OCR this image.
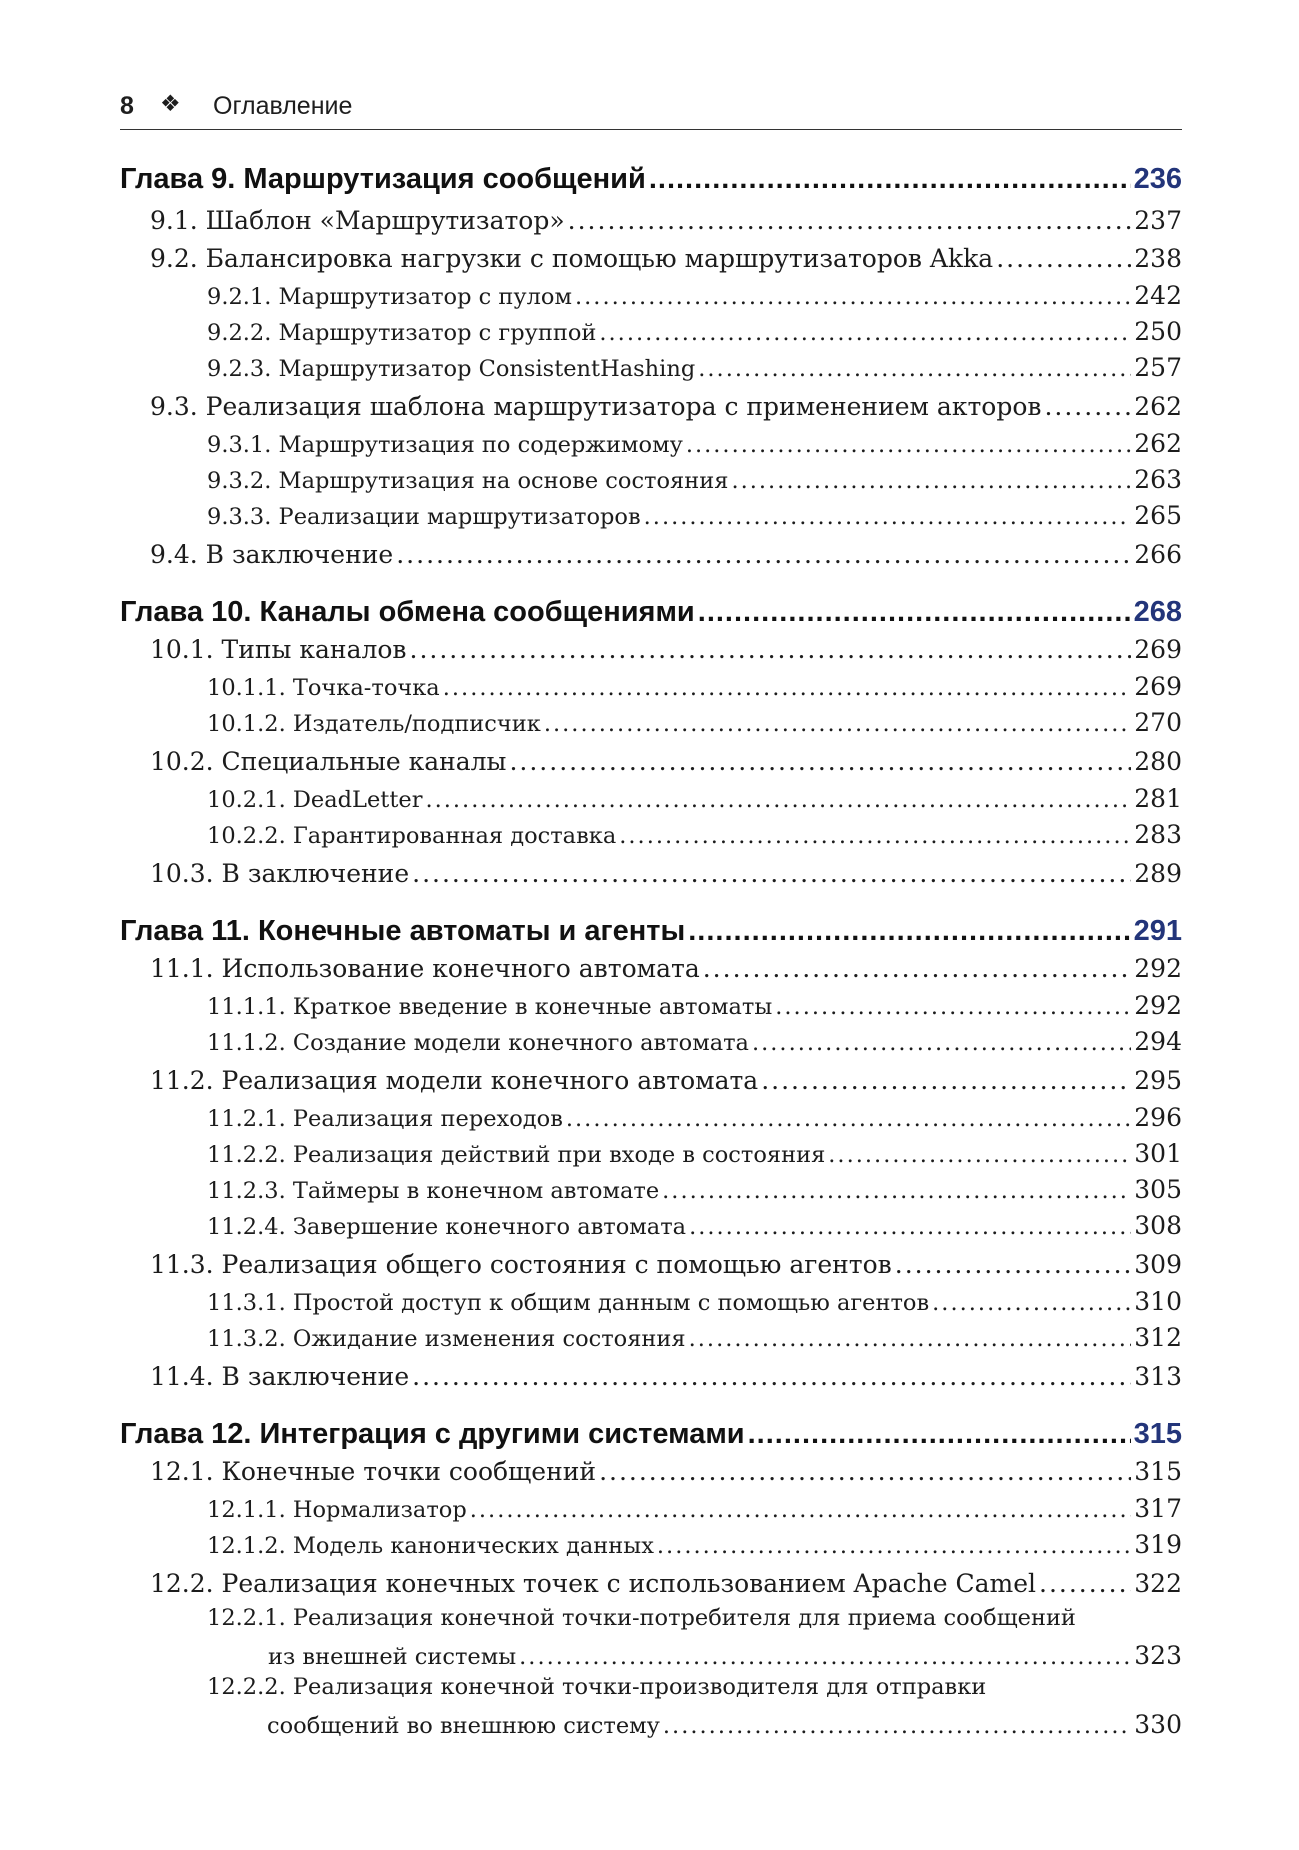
8 ❖ Оглавление
Глава 9. Маршрутизация сообщений .....	236
9.1. Шаблон «Маршрутизатор» .....	237
9.2. Балансировка нагрузки с помощью маршрутизаторов Akka .....	238
9.2.1. Маршрутизатор с пулом .....	242
9.2.2. Маршрутизатор с группой .....	250
9.2.3. Маршрутизатор ConsistentHashing .....	257
9.3. Реализация шаблона маршрутизатора с применением акторов .....	262
9.3.1. Маршрутизация по содержимому .....	262
9.3.2. Маршрутизация на основе состояния .....	263
9.3.3. Реализации маршрутизаторов .....	265
9.4. В заключение .....	266
Глава 10. Каналы обмена сообщениями .....	268
10.1. Типы каналов .....	269
10.1.1. Точка-точка .....	269
10.1.2. Издатель/подписчик .....	270
10.2. Специальные каналы .....	280
10.2.1. DeadLetter .....	281
10.2.2. Гарантированная доставка .....	283
10.3. В заключение .....	289
Глава 11. Конечные автоматы и агенты .....	291
11.1. Использование конечного автомата .....	292
11.1.1. Краткое введение в конечные автоматы .....	292
11.1.2. Создание модели конечного автомата .....	294
11.2. Реализация модели конечного автомата .....	295
11.2.1. Реализация переходов .....	296
11.2.2. Реализация действий при входе в состояния .....	301
11.2.3. Таймеры в конечном автомате .....	305
11.2.4. Завершение конечного автомата .....	308
11.3. Реализация общего состояния с помощью агентов .....	309
11.3.1. Простой доступ к общим данным с помощью агентов .....	310
11.3.2. Ожидание изменения состояния .....	312
11.4. В заключение .....	313
Глава 12. Интеграция с другими системами .....	315
12.1. Конечные точки сообщений .....	315
12.1.1. Нормализатор .....	317
12.1.2. Модель канонических данных .....	319
12.2. Реализация конечных точек с использованием Apache Camel .....	322
12.2.1. Реализация конечной точки-потребителя для приема сообщений
из внешней системы .....	323
12.2.2. Реализация конечной точки-производителя для отправки
сообщений во внешнюю систему .....	330
